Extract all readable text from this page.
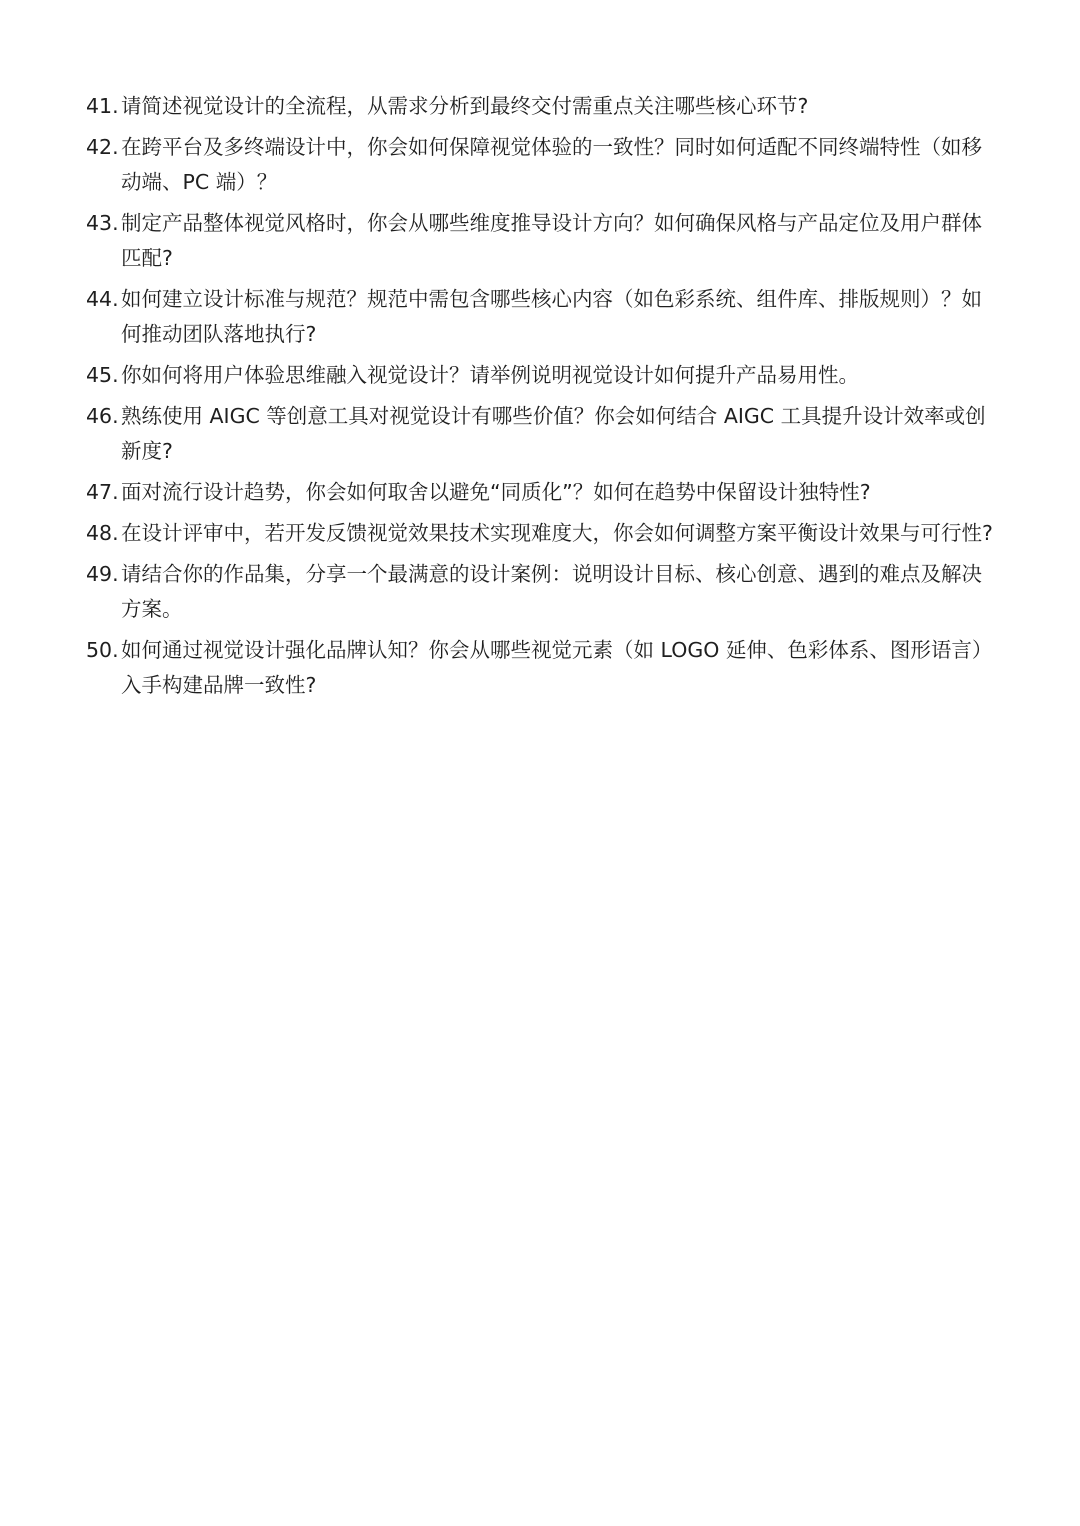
41. 请简述视觉设计的全流程，从需求分析到最终交付需重点关注哪些核心环节?
42. 在跨平台及多终端设计中，你会如何保障视觉体验的一致性？同时如何适配不同终端特性（如移动端、PC 端）？
43. 制定产品整体视觉风格时，你会从哪些维度推导设计方向？如何确保风格与产品定位及用户群体匹配?
44. 如何建立设计标准与规范？规范中需包含哪些核心内容（如色彩系统、组件库、排版规则）？如何推动团队落地执行?
45. 你如何将用户体验思维融入视觉设计？请举例说明视觉设计如何提升产品易用性。
46. 熟练使用 AIGC 等创意工具对视觉设计有哪些价值？你会如何结合 AIGC 工具提升设计效率或创新度?
47. 面对流行设计趋势，你会如何取舍以避免“同质化”？如何在趋势中保留设计独特性?
48. 在设计评审中，若开发反馈视觉效果技术实现难度大，你会如何调整方案平衡设计效果与可行性?
49. 请结合你的作品集，分享一个最满意的设计案例：说明设计目标、核心创意、遇到的难点及解决方案。
50. 如何通过视觉设计强化品牌认知？你会从哪些视觉元素（如 LOGO 延伸、色彩体系、图形语言）入手构建品牌一致性?
